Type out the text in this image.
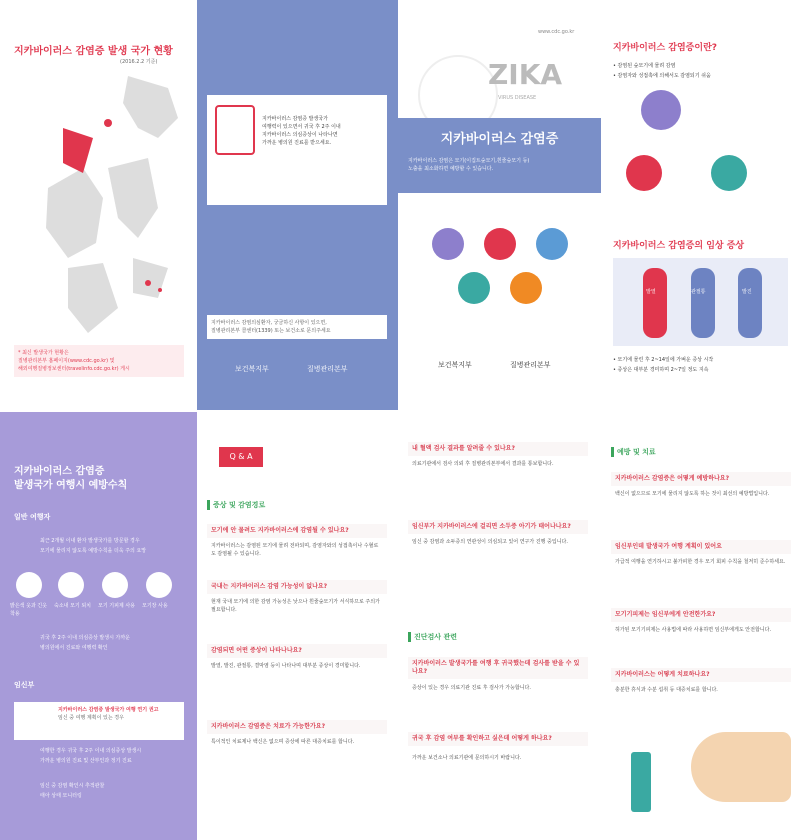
지카바이러스 감염증 발생 국가 현황
(2016.2.2 기준)
* 최신 발생국가 현황은
질병관리본부 홈페이지(www.cdc.go.kr) 및
해외여행질병정보센터(travelinfo.cdc.go.kr) 게시
지카바이러스 감염증 발생국가
여행력이 있으면서 귀국 후 2주 이내
지카바이러스 의심증상이 나타나면
가까운 병의원 진료를 받으세요.
See your healthcare provider if you develop
any symptoms including fever, rash, joint pain and
red eye within two weeks after visiting
countries where Zika virus was recently reported.
지카바이러스 감염의심환자, 궁금하신 사항이 있으면,
질병관리본부 콜센터(1339) 또는 보건소로 문의주세요
보건복지부	질병관리본부
www.cdc.go.kr
ZIKA
VIRUS DISEASE
지카바이러스 감염증
지카바이러스 감염은 모기(이집트숲모기,흰줄숲모기 등)
노출을 최소화하면 예방할 수 있습니다.
보건복지부	질병관리본부
지카바이러스 감염증이란?
• 감염된 숲모기에 물려 감염
• 감염자와 성접촉에 의해서도 감염되기 쉬움
지카바이러스 감염증의 임상 증상
발열	관절통	발진
• 모기에 물린 후 2~14일에 가벼운 증상 시작
• 증상은 대부분 경미하며 2~7일 정도 지속
지카바이러스 감염증
발생국가 여행시 예방수칙
일반 여행자
최근 2개월 이내 환자 발생국가를 방문할 경우
모기에 물리지 않도록 예방수칙을 더욱 주의 요망
밝은색 옷과 긴옷 착용
숙소내 모기 퇴치	모기 기피제 사용	모기장 사용
귀국 후 2주 이내 의심증상 발생시 가까운
병의원에서 진료와 여행력 확인
임신부
지카바이러스 감염증 발생국가 여행 연기 권고
임신 중 여행 계획이 있는 경우
여행한 경우 귀국 후 2주 이내 의심증상 발생시
가까운 병의원 진료 및 산부인과 정기 진료
임신 중 감염 확인시 추적관찰
태아 상태 모니터링
Q & A
증상 및 감염경로
모기에 안 물려도 지카바이러스에 감염될 수 있나요?
지카바이러스는 감염된 모기에 물려 전파되며, 감염자와의 성접촉이나 수혈로도 감염될 수 있습니다.
국내는 지카바이러스 감염 가능성이 없나요?
현재 국내 모기에 의한 감염 가능성은 낮으나 흰줄숲모기가 서식하므로 주의가 필요합니다.
감염되면 어떤 증상이 나타나나요?
발열, 발진, 관절통, 결막염 등이 나타나며 대부분 증상이 경미합니다.
지카바이러스 감염증은 치료가 가능한가요?
특이적인 치료제나 백신은 없으며 증상에 따른 대증치료를 합니다.
내 혈액 검사 결과를 알려줄 수 있나요?
의료기관에서 검사 의뢰 후 질병관리본부에서 결과를 통보합니다.
임신부가 지카바이러스에 걸리면 소두증 아기가 태어나나요?
임신 중 감염과 소두증의 연관성이 의심되고 있어 연구가 진행 중입니다.
진단검사 관련
지카바이러스 발생국가를 여행 후 귀국했는데 검사를 받을 수 있나요?
증상이 있는 경우 의료기관 진료 후 검사가 가능합니다.
귀국 후 감염 여부를 확인하고 싶은데 어떻게 하나요?
가까운 보건소나 의료기관에 문의하시기 바랍니다.
예방 및 치료
지카바이러스 감염증은 어떻게 예방하나요?
백신이 없으므로 모기에 물리지 않도록 하는 것이 최선의 예방법입니다.
임신부인데 발생국가 여행 계획이 있어요
가급적 여행을 연기하시고 불가피한 경우 모기 회피 수칙을 철저히 준수하세요.
모기기피제는 임신부에게 안전한가요?
허가된 모기기피제는 사용법에 따라 사용하면 임신부에게도 안전합니다.
지카바이러스는 어떻게 치료하나요?
충분한 휴식과 수분 섭취 등 대증치료를 합니다.
